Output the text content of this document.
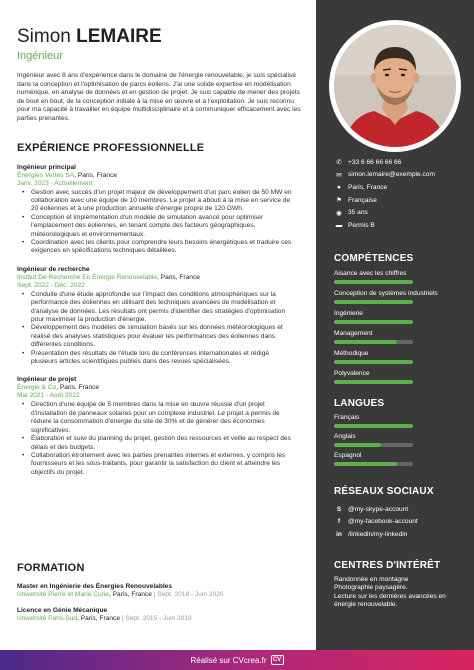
Simon LEMAIRE
Ingénieur

Ingénieur avec 8 ans d'expérience dans le domaine de l'énergie renouvelable, je suis spécialisé dans la conception et l'optimisation de parcs éoliens. J'ai une solide expertise en modélisation numérique, en analyse de données et en gestion de projet. Je suis capable de mener des projets de bout en bout, de la conception initiale à la mise en œuvre et à l'exploitation. Je suis reconnu pour ma capacité à travailler en équipe multidisciplinaire et à communiquer efficacement avec les parties prenantes.

EXPÉRIENCE PROFESSIONNELLE
Ingénieur principal
Énergies Vertes SA, Paris, France
Janv. 2023 - Actuellement
• Gestion avec succès d'un projet majeur de développement d'un parc éolien de 50 MW en collaboration avec une équipe de 10 membres. Le projet a abouti à la mise en service de 20 éoliennes et à une production annuelle d'énergie propre de 120 GWh.
• Conception et implémentation d'un modèle de simulation avancé pour optimiser l'emplacement des éoliennes, en tenant compte des facteurs géographiques, météorologiques et environnementaux.
• Coordination avec les clients pour comprendre leurs besoins énergétiques et traduire ces exigences en spécifications techniques détaillées.
Ingénieur de recherche
Institut De Recherche En Énergie Renouvelable, Paris, France
Sept. 2022 - Déc. 2022
• Conduite d'une étude approfondie sur l'impact des conditions atmosphériques sur la performance des éoliennes en utilisant des techniques avancées de modélisation et d'analyse de données. Les résultats ont permis d'identifier des stratégies d'optimisation pour maximiser la production d'énergie.
• Développement des modèles de simulation basés sur les données météorologiques et réalisé des analyses statistiques pour évaluer les performances des éoliennes dans différentes conditions.
• Présentation des résultats de l'étude lors de conférences internationales et rédigé plusieurs articles scientifiques publiés dans des revues spécialisées.
Ingénieur de projet
Énergie & Co, Paris, France
Mai 2021 - Août 2022
• Direction d'une équipe de 5 membres dans la mise en œuvre réussie d'un projet d'installation de panneaux solaires pour un complexe industriel. Le projet a permis de réduire la consommation d'énergie du site de 30% et de générer des économies significatives.
• Élaboration et suivi du planning du projet, gestion des ressources et veille au respect des délais et des budgets.
• Collaboration étroitement avec les parties prenantes internes et externes, y compris les fournisseurs et les sous-traitants, pour garantir la satisfaction du client et atteindre les objectifs du projet.
FORMATION
Master en Ingénierie des Énergies Renouvelables
Université Pierre et Marie Curie, Paris, France | Sept. 2018 - Juin 2020
Licence en Génie Mécanique
Université Paris-Sud, Paris, France | Sept. 2015 - Juin 2019
✆ +33 6 66 66 66 66
✉ simon.lemaire@exemple.com
●	Paris, France
⚑ Française
◉ 35 ans
▬ Permis B
COMPÉTENCES
Aisance avec les chiffres
Conception de systèmes industriels
Ingénierie
Management
Méthodique
Polyvalence
LANGUES
Français
Anglais
Espagnol
RÉSEAUX SOCIAUX
S	@my-skype-account
f	@my-facebook-account
in /linkedin/my-linkedin
CENTRES D'INTÉRÊT
Randonnée en montagne
Photographie paysagère.
Lecture sur les dernières avancées en énergie renouvelable.
Réalisé sur CVcrea.fr	CV
